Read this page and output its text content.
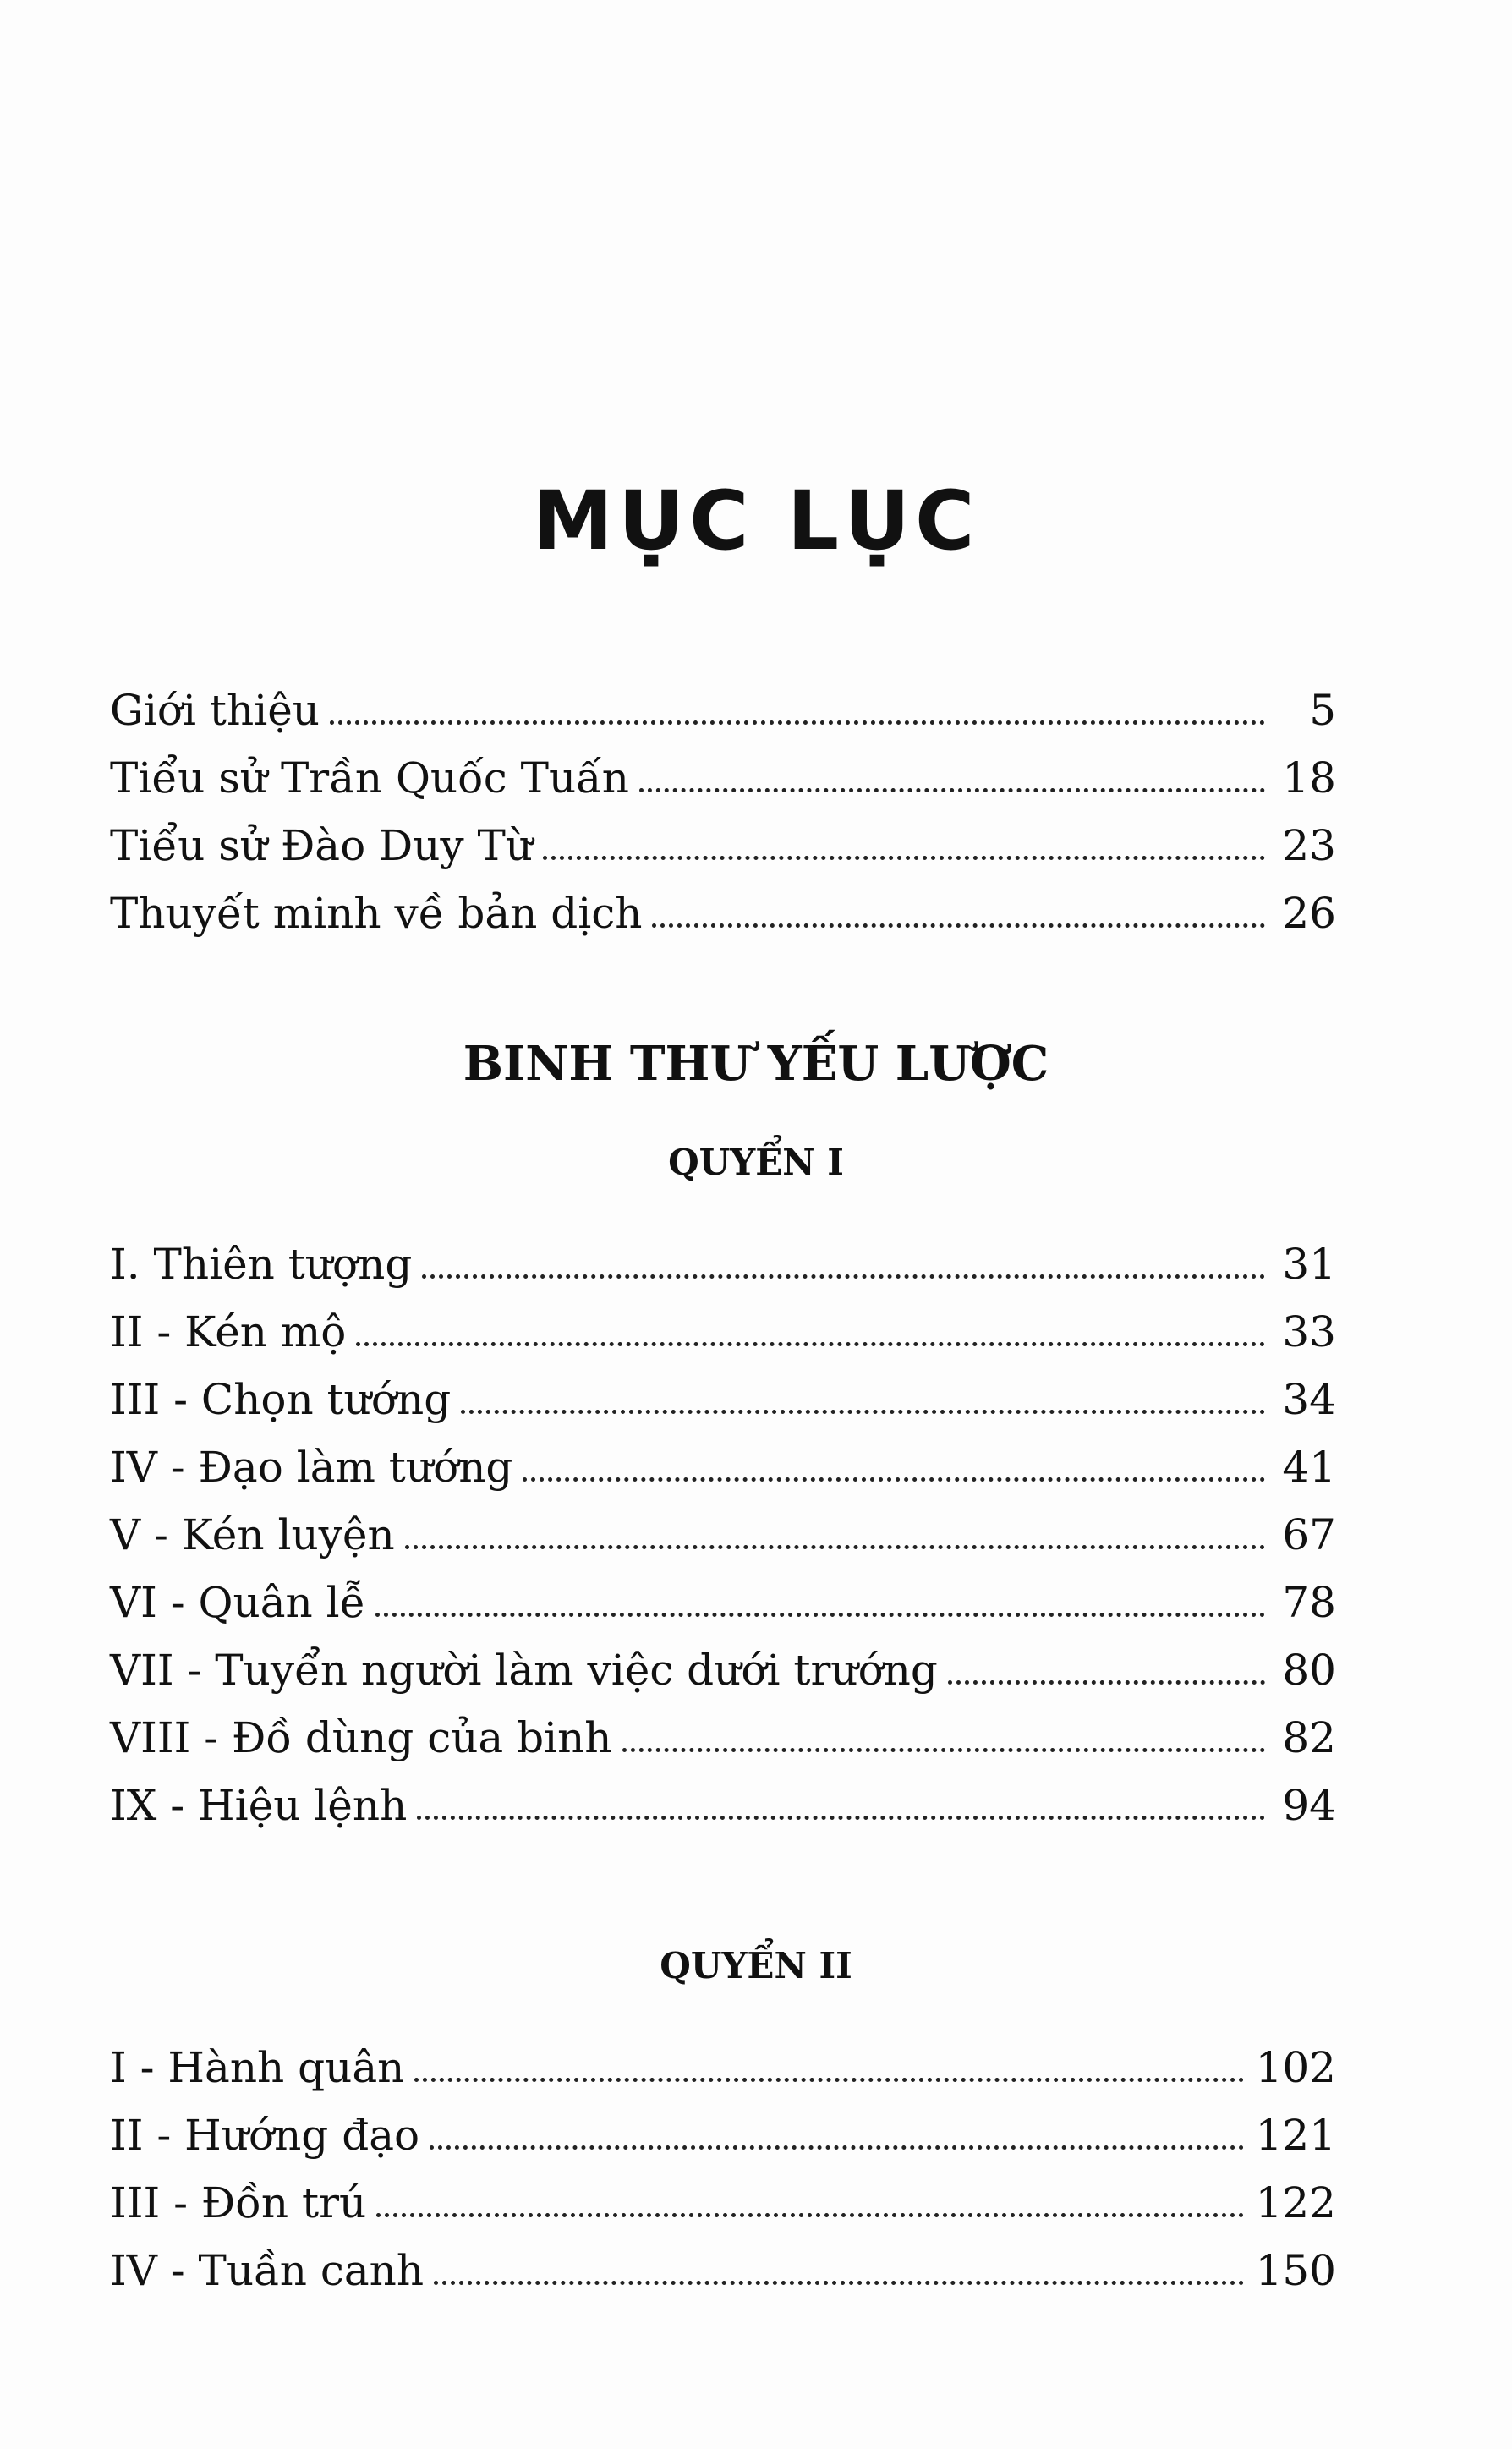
MỤC LỤC
Giới thiệu	5
Tiểu sử Trần Quốc Tuấn	18
Tiểu sử Đào Duy Từ	23
Thuyết minh về bản dịch	26
BINH THƯ YẾU LƯỢC
QUYỂN I
I. Thiên tượng	31
II - Kén mộ	33
III - Chọn tướng	34
IV - Đạo làm tướng	41
V - Kén luyện	67
VI - Quân lễ	78
VII - Tuyển người làm việc dưới trướng	80
VIII - Đồ dùng của binh	82
IX - Hiệu lệnh	94
QUYỂN II
I - Hành quân	102
II - Hướng đạo	121
III - Đồn trú	122
IV - Tuần canh	150
